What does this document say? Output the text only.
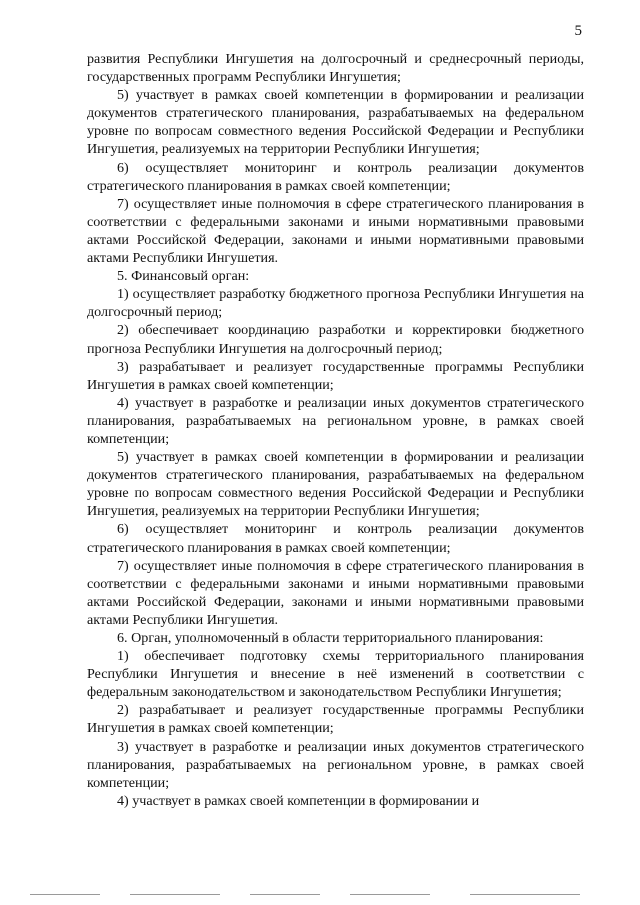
5

развития Республики Ингушетия на долгосрочный и среднесрочный периоды, государственных программ Республики Ингушетия;

5) участвует в рамках своей компетенции в формировании и реализации документов стратегического планирования, разрабатываемых на федеральном уровне по вопросам совместного ведения Российской Федерации и Республики Ингушетия, реализуемых на территории Республики Ингушетия;

6) осуществляет мониторинг и контроль реализации документов стратегического планирования в рамках своей компетенции;

7) осуществляет иные полномочия в сфере стратегического планирования в соответствии с федеральными законами и иными нормативными правовыми актами Российской Федерации, законами и иными нормативными правовыми актами Республики Ингушетия.

5. Финансовый орган:

1) осуществляет разработку бюджетного прогноза Республики Ингушетия на долгосрочный период;

2) обеспечивает координацию разработки и корректировки бюджетного прогноза Республики Ингушетия на долгосрочный период;

3) разрабатывает и реализует государственные программы Республики Ингушетия в рамках своей компетенции;

4) участвует в разработке и реализации иных документов стратегического планирования, разрабатываемых на региональном уровне, в рамках своей компетенции;

5) участвует в рамках своей компетенции в формировании и реализации документов стратегического планирования, разрабатываемых на федеральном уровне по вопросам совместного ведения Российской Федерации и Республики Ингушетия, реализуемых на территории Республики Ингушетия;

6) осуществляет мониторинг и контроль реализации документов стратегического планирования в рамках своей компетенции;

7) осуществляет иные полномочия в сфере стратегического планирования в соответствии с федеральными законами и иными нормативными правовыми актами Российской Федерации, законами и иными нормативными правовыми актами Республики Ингушетия.

6. Орган, уполномоченный в области территориального планирования:

1) обеспечивает подготовку схемы территориального планирования Республики Ингушетия и внесение в неё изменений в соответствии с федеральным законодательством и законодательством Республики Ингушетия;

2) разрабатывает и реализует государственные программы Республики Ингушетия в рамках своей компетенции;

3) участвует в разработке и реализации иных документов стратегического планирования, разрабатываемых на региональном уровне, в рамках своей компетенции;

4) участвует в рамках своей компетенции в формировании и
